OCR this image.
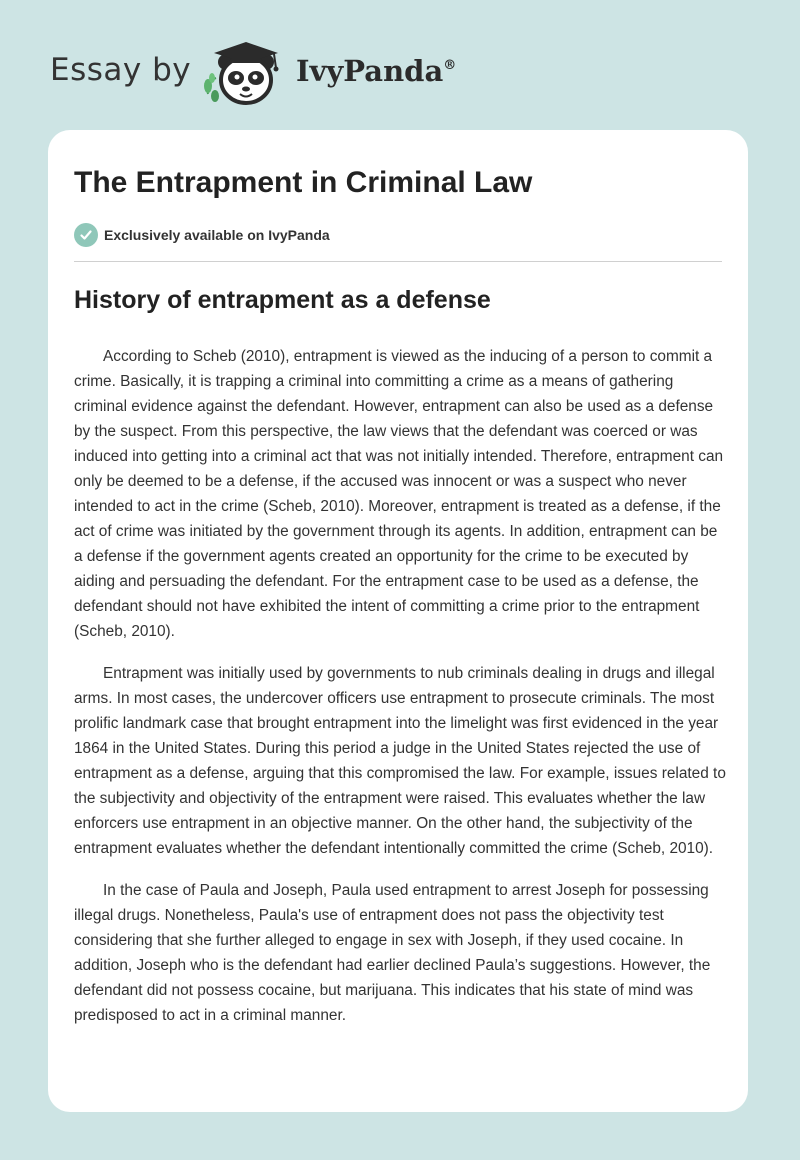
Essay by	IvyPanda®
The Entrapment in Criminal Law
Exclusively available on IvyPanda
History of entrapment as a defense

According to Scheb (2010), entrapment is viewed as the inducing of a person to commit a crime. Basically, it is trapping a criminal into committing a crime as a means of gathering criminal evidence against the defendant. However, entrapment can also be used as a defense by the suspect. From this perspective, the law views that the defendant was coerced or was induced into getting into a criminal act that was not initially intended. Therefore, entrapment can only be deemed to be a defense, if the accused was innocent or was a suspect who never intended to act in the crime (Scheb, 2010). Moreover, entrapment is treated as a defense, if the act of crime was initiated by the government through its agents. In addition, entrapment can be a defense if the government agents created an opportunity for the crime to be executed by aiding and persuading the defendant. For the entrapment case to be used as a defense, the defendant should not have exhibited the intent of committing a crime prior to the entrapment (Scheb, 2010).

Entrapment was initially used by governments to nub criminals dealing in drugs and illegal arms. In most cases, the undercover officers use entrapment to prosecute criminals. The most prolific landmark case that brought entrapment into the limelight was first evidenced in the year 1864 in the United States. During this period a judge in the United States rejected the use of entrapment as a defense, arguing that this compromised the law. For example, issues related to the subjectivity and objectivity of the entrapment were raised. This evaluates whether the law enforcers use entrapment in an objective manner. On the other hand, the subjectivity of the entrapment evaluates whether the defendant intentionally committed the crime (Scheb, 2010).

In the case of Paula and Joseph, Paula used entrapment to arrest Joseph for possessing illegal drugs. Nonetheless, Paula's use of entrapment does not pass the objectivity test considering that she further alleged to engage in sex with Joseph, if they used cocaine. In addition, Joseph who is the defendant had earlier declined Paula’s suggestions. However, the defendant did not possess cocaine, but marijuana. This indicates that his state of mind was predisposed to act in a criminal manner.
